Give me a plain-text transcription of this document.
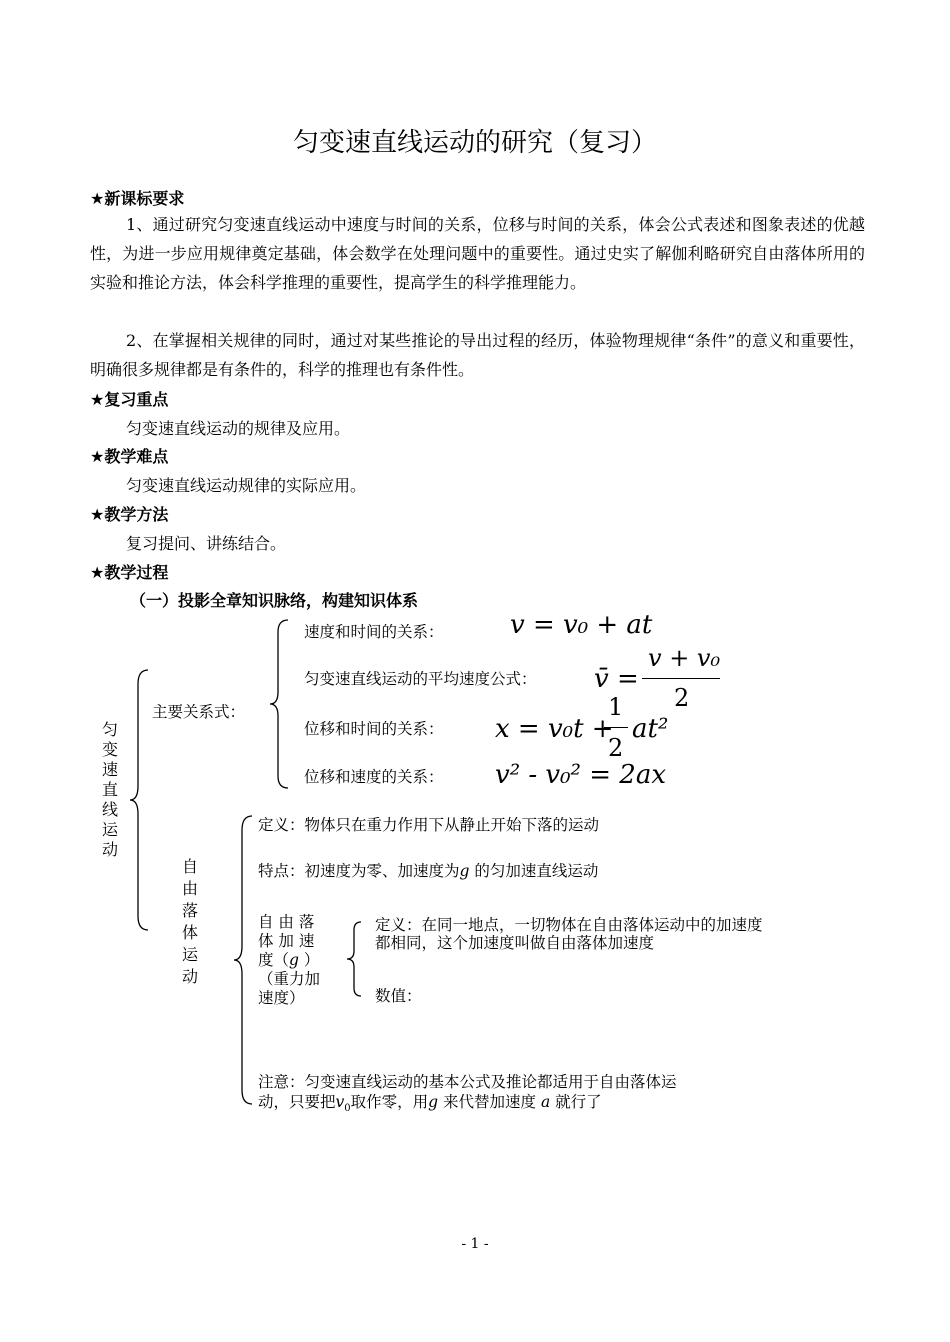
匀变速直线运动的研究（复习）
★新课标要求
1、通过研究匀变速直线运动中速度与时间的关系，位移与时间的关系，体会公式表述和图象表述的优越性，为进一步应用规律奠定基础，体会数学在处理问题中的重要性。通过史实了解伽利略研究自由落体所用的实验和推论方法，体会科学推理的重要性，提高学生的科学推理能力。
2、在掌握相关规律的同时，通过对某些推论的导出过程的经历，体验物理规律“条件”的意义和重要性，明确很多规律都是有条件的，科学的推理也有条件性。
★复习重点
匀变速直线运动的规律及应用。
★教学难点
匀变速直线运动规律的实际应用。
★教学方法
复习提问、讲练结合。
★教学过程
（一）投影全章知识脉络，构建知识体系
匀变速直线运动
主要关系式：
速度和时间的关系：	v = v₀ + at
匀变速直线运动的平均速度公式： v̄ =
v + v₀
2
位移和时间的关系： x = v₀t +
1
2
at²
位移和速度的关系： v² - v₀² = 2ax
自由落体运动
定义：物体只在重力作用下从静止开始下落的运动
特点：初速度为零、加速度为g 的匀加速直线运动
自 由 落
体 加 速
度（g ）
（重力加
速度）
定义：在同一地点，一切物体在自由落体运动中的加速度
都相同，这个加速度叫做自由落体加速度
数值：
注意：匀变速直线运动的基本公式及推论都适用于自由落体运
动，只要把$v_0$取作零，用g 来代替加速度 a 就行了
- 1 -
